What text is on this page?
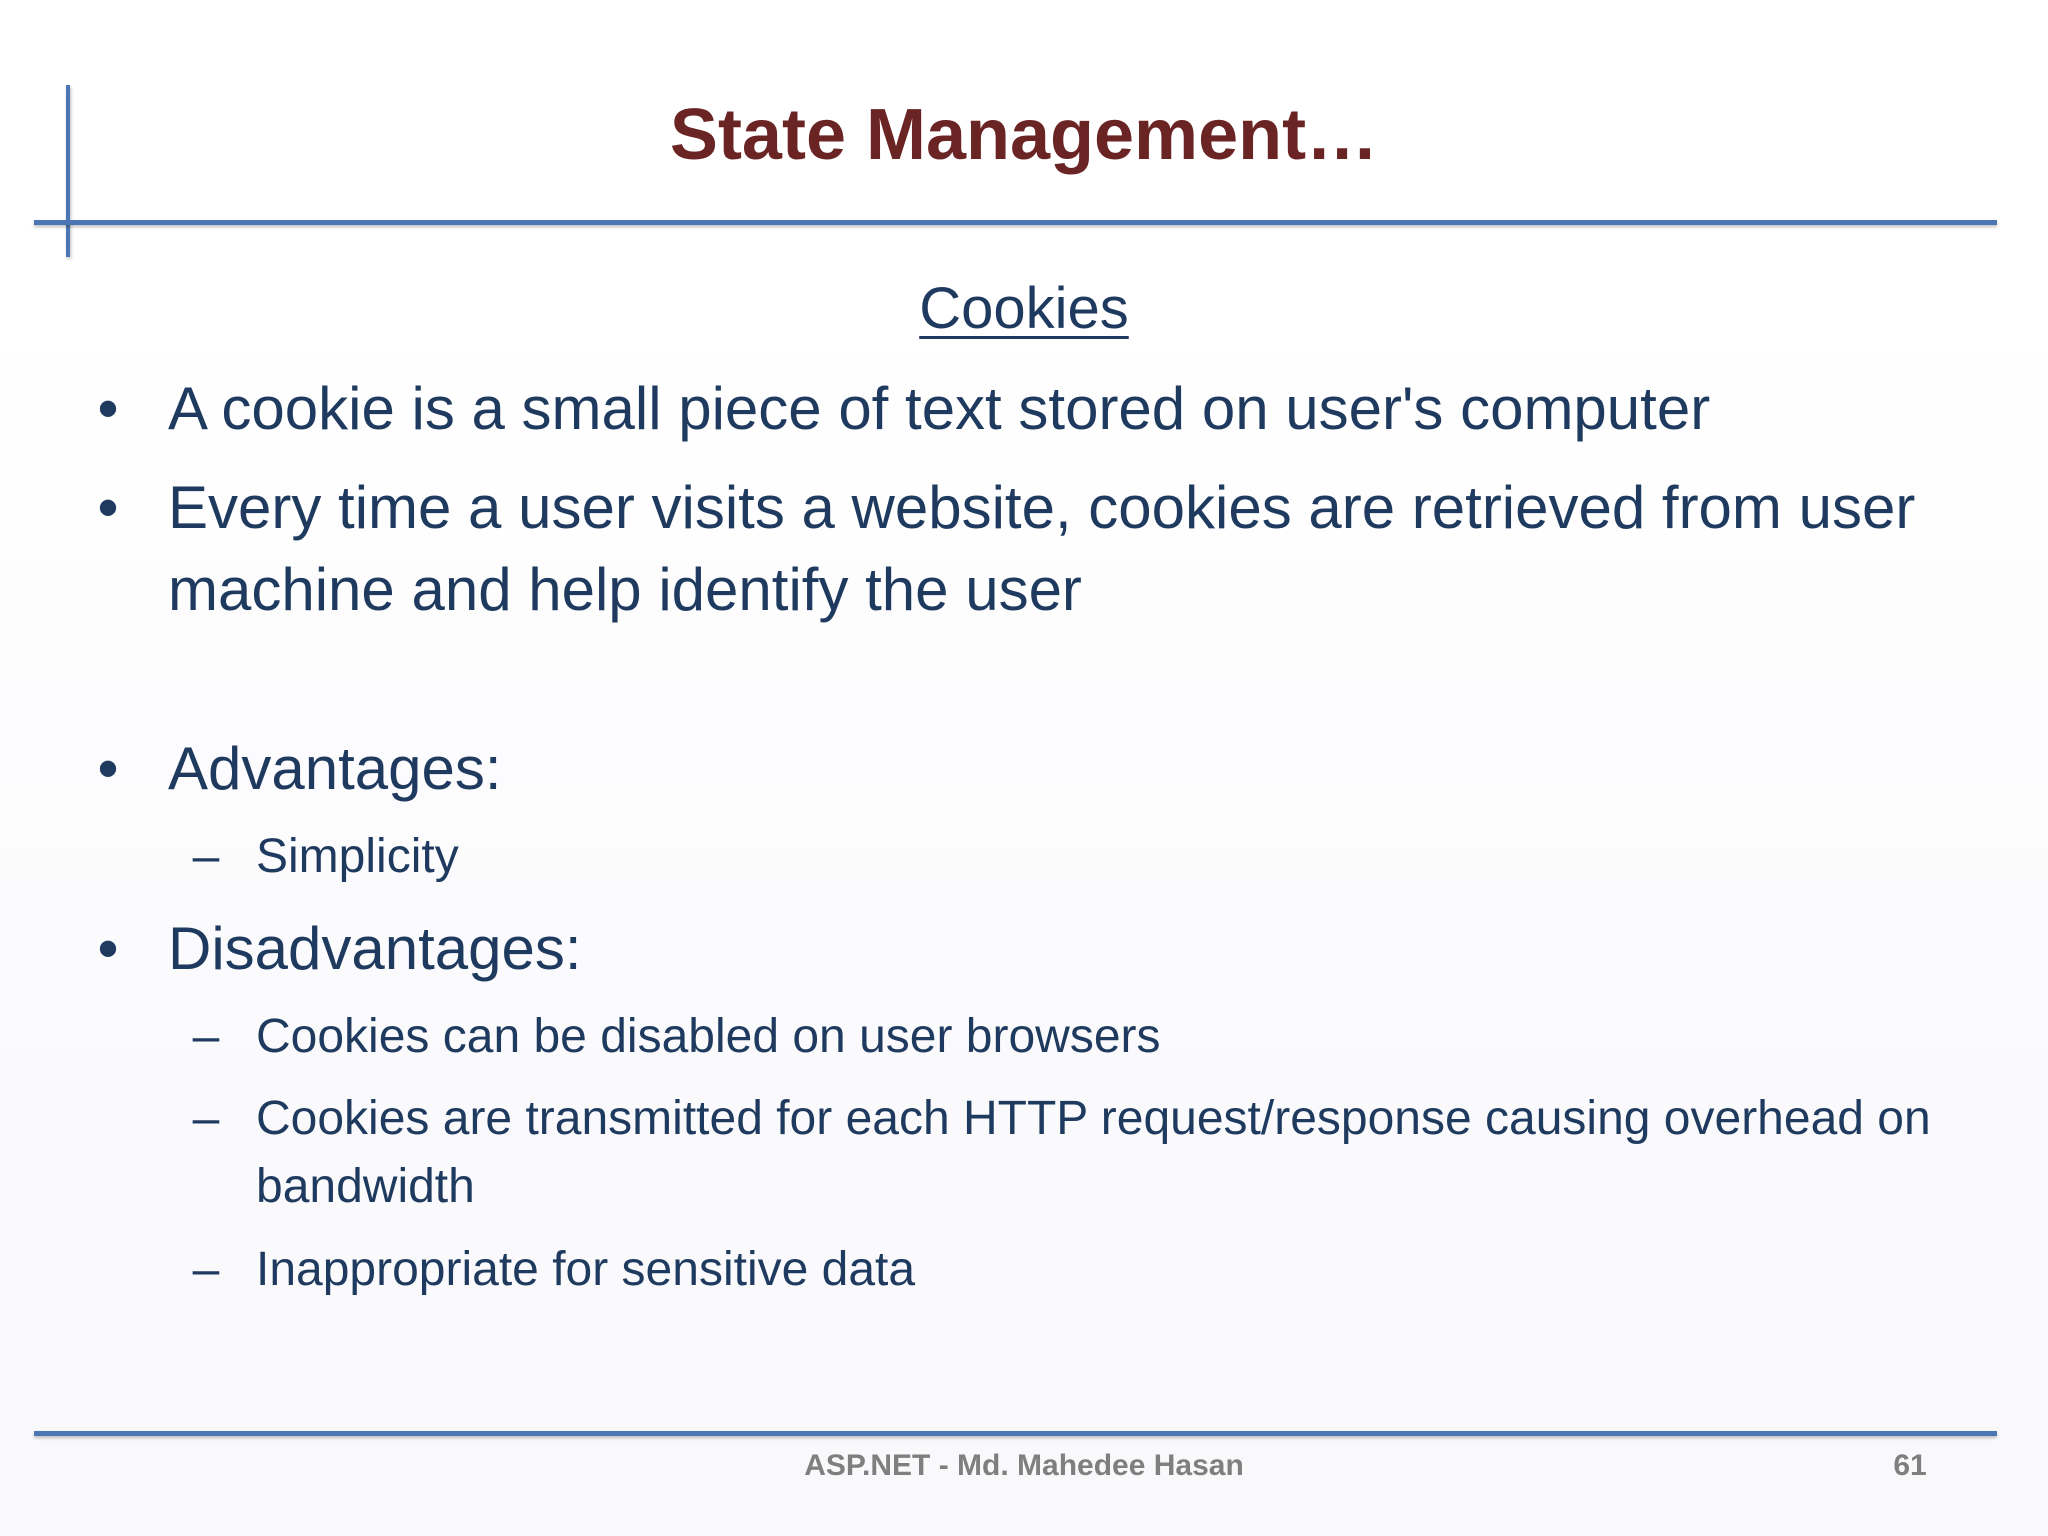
State Management…
Cookies
• A cookie is a small piece of text stored on user's computer
• Every time a user visits a website, cookies are retrieved from user machine and help identify the user
• Advantages:
– Simplicity
• Disadvantages:
– Cookies can be disabled on user browsers
– Cookies are transmitted for each HTTP request/response causing overhead on bandwidth
– Inappropriate for sensitive data
ASP.NET - Md. Mahedee Hasan	61
